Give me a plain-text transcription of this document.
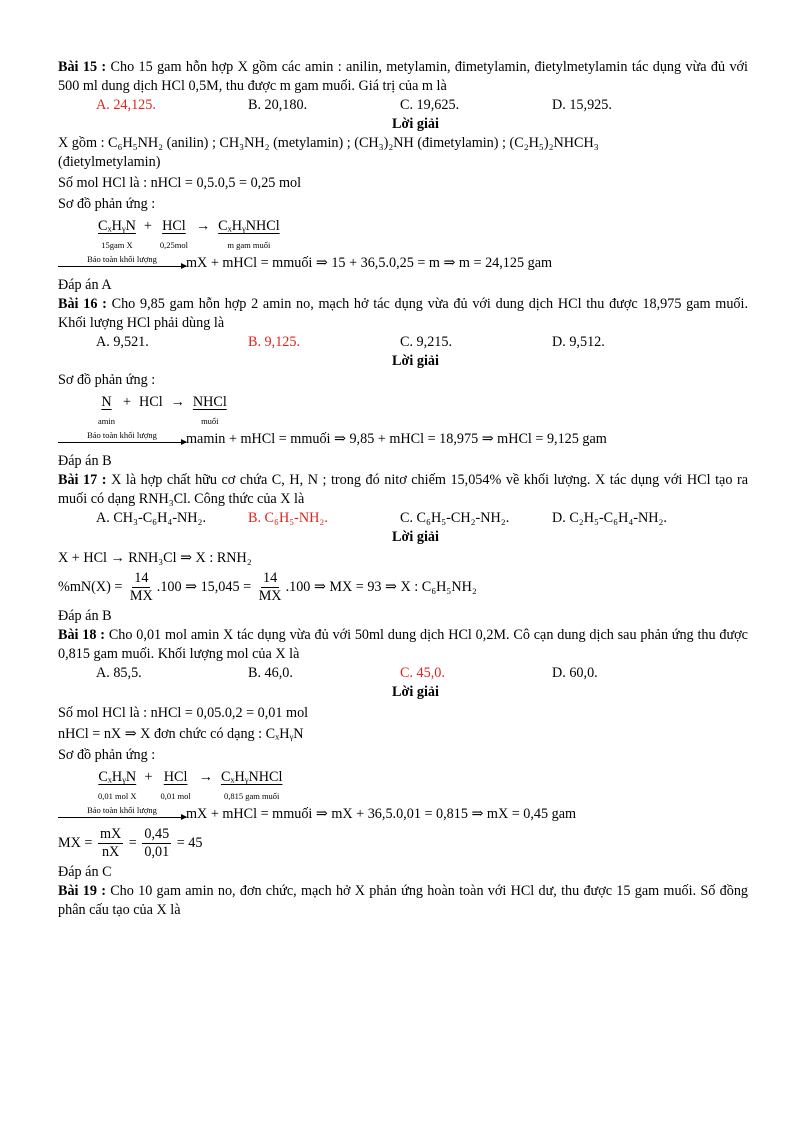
Bài 15 : Cho 15 gam hỗn hợp X gồm các amin : anilin, metylamin, đimetylamin, đietylmetylamin tác dụng vừa đủ với 500 ml dung dịch HCl 0,5M, thu được m gam muối. Giá trị của m là

A. 24,125.	B. 20,180.	C. 19,625.	D. 15,925.

Lời giải

X gồm : C₆H₅NH₂ (anilin) ; CH₃NH₂ (metylamin) ; (CH₃)₂NH (đimetylamin) ; (C₂H₅)₂NHCH₃

(đietylmetylamin)

Số mol HCl là : nHCl = 0,5.0,5 = 0,25 mol

Sơ đồ phản ứng :

CₓHᵧN
15gam X
+ HCl
0,25mol
→ CₓHᵧNHCl
m gam muối
Bảo toàn khối lượng mX + mHCl = mmuối ⇒ 15 + 36,5.0,25 = m ⇒ m = 24,125 gam

Đáp án A

Bài 16 : Cho 9,85 gam hỗn hợp 2 amin no, mạch hở tác dụng vừa đủ với dung dịch HCl thu được 18,975 gam muối. Khối lượng HCl phải dùng là

A. 9,521.	B. 9,125.	C. 9,215.	D. 9,512.

Lời giải

Sơ đồ phản ứng :

N
amin
+ HCl → NHCl
muối
Bảo toàn khối lượng mamin + mHCl = mmuối ⇒ 9,85 + mHCl = 18,975 ⇒ mHCl = 9,125 gam

Đáp án B

Bài 17 : X là hợp chất hữu cơ chứa C, H, N ; trong đó nitơ chiếm 15,054% về khối lượng. X tác dụng với HCl tạo ra muối có dạng RNH₃Cl. Công thức của X là

A. CH₃-C₆H₄-NH₂.	B. C₆H₅-NH₂.	C. C₆H₅-CH₂-NH₂.	D. C₂H₅-C₆H₄-NH₂.

Lời giải

X + HCl → RNH₃Cl ⇒ X : RNH₂

$\%mN(X) = \frac{14}{MX} .100$ ⇒ $15,045 = \frac{14}{MX} .100$ ⇒ MX = 93 ⇒ X : C₆H₅NH₂

Đáp án B

Bài 18 : Cho 0,01 mol amin X tác dụng vừa đủ với 50ml dung dịch HCl 0,2M. Cô cạn dung dịch sau phản ứng thu được 0,815 gam muối. Khối lượng mol của X là

A. 85,5.	B. 46,0.	C. 45,0.	D. 60,0.

Lời giải

Số mol HCl là : nHCl = 0,05.0,2 = 0,01 mol

nHCl = nX ⇒ X đơn chức có dạng : CₓHᵧN

Sơ đồ phản ứng :

CₓHᵧN
0,01 mol X
+ HCl
0,01 mol
→ CₓHᵧNHCl
0,815 gam muối
Bảo toàn khối lượng mX + mHCl = mmuối ⇒ mX + 36,5.0,01 = 0,815 ⇒ mX = 0,45 gam

MX = $\frac{mX}{nX} = \frac{0,45}{0,01} = 45$

Đáp án C

Bài 19 : Cho 10 gam amin no, đơn chức, mạch hở X phản ứng hoàn toàn với HCl dư, thu được 15 gam muối. Số đồng phân cấu tạo của X là
